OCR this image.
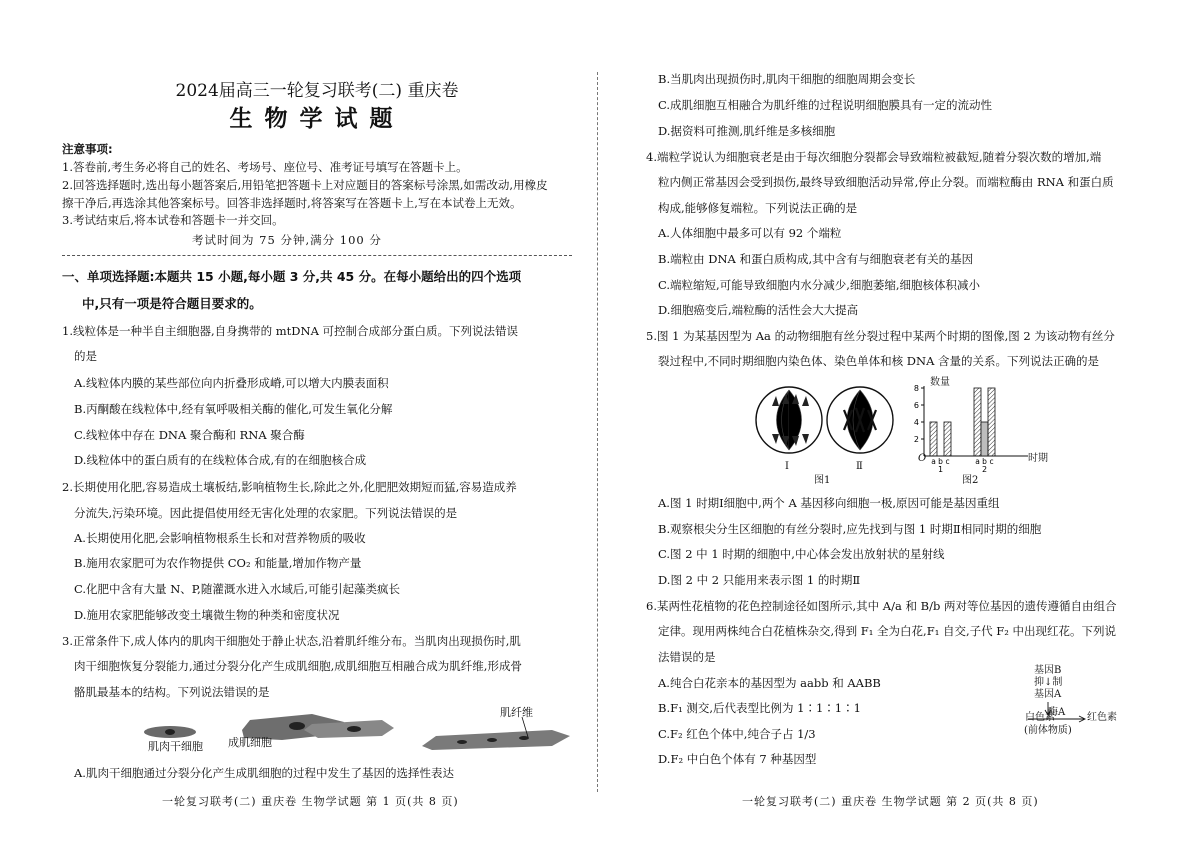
2024届高三一轮复习联考(二) 重庆卷
生物学试题
注意事项:
1.答卷前,考生务必将自己的姓名、考场号、座位号、准考证号填写在答题卡上。
2.回答选择题时,选出每小题答案后,用铅笔把答题卡上对应题目的答案标号涂黑,如需改动,用橡皮
擦干净后,再选涂其他答案标号。回答非选择题时,将答案写在答题卡上,写在本试卷上无效。
3.考试结束后,将本试卷和答题卡一并交回。
考试时间为 75 分钟,满分 100 分
一、单项选择题:本题共 15 小题,每小题 3 分,共 45 分。在每小题给出的四个选项
中,只有一项是符合题目要求的。
1.线粒体是一种半自主细胞器,自身携带的 mtDNA 可控制合成部分蛋白质。下列说法错误
的是
A.线粒体内膜的某些部位向内折叠形成嵴,可以增大内膜表面积
B.丙酮酸在线粒体中,经有氧呼吸相关酶的催化,可发生氧化分解
C.线粒体中存在 DNA 聚合酶和 RNA 聚合酶
D.线粒体中的蛋白质有的在线粒体合成,有的在细胞核合成
2.长期使用化肥,容易造成土壤板结,影响植物生长,除此之外,化肥肥效期短而猛,容易造成养
分流失,污染环境。因此提倡使用经无害化处理的农家肥。下列说法错误的是
A.长期使用化肥,会影响植物根系生长和对营养物质的吸收
B.施用农家肥可为农作物提供 CO₂ 和能量,增加作物产量
C.化肥中含有大量 N、P,随灌溉水进入水域后,可能引起藻类疯长
D.施用农家肥能够改变土壤微生物的种类和密度状况
3.正常条件下,成人体内的肌肉干细胞处于静止状态,沿着肌纤维分布。当肌肉出现损伤时,肌
肉干细胞恢复分裂能力,通过分裂分化产生成肌细胞,成肌细胞互相融合成为肌纤维,形成骨
骼肌最基本的结构。下列说法错误的是
肌肉干细胞 成肌细胞
肌纤维
A.肌肉干细胞通过分裂分化产生成肌细胞的过程中发生了基因的选择性表达
一轮复习联考(二) 重庆卷 生物学试题 第 1 页(共 8 页)
B.当肌肉出现损伤时,肌肉干细胞的细胞周期会变长
C.成肌细胞互相融合为肌纤维的过程说明细胞膜具有一定的流动性
D.据资料可推测,肌纤维是多核细胞
4.端粒学说认为细胞衰老是由于每次细胞分裂都会导致端粒被截短,随着分裂次数的增加,端
粒内侧正常基因会受到损伤,最终导致细胞活动异常,停止分裂。而端粒酶由 RNA 和蛋白质
构成,能够修复端粒。下列说法正确的是
A.人体细胞中最多可以有 92 个端粒
B.端粒由 DNA 和蛋白质构成,其中含有与细胞衰老有关的基因
C.端粒缩短,可能导致细胞内水分减少,细胞萎缩,细胞核体积减小
D.细胞癌变后,端粒酶的活性会大大提高
5.图 1 为某基因型为 Aa 的动物细胞有丝分裂过程中某两个时期的图像,图 2 为该动物有丝分
裂过程中,不同时期细胞内染色体、染色单体和核 DNA 含量的关系。下列说法正确的是
Ⅰ	Ⅱ
图1
2
4
6
8
a b c
1
a b c
2
数量
O	时期
图2
A.图 1 时期Ⅰ细胞中,两个 A 基因移向细胞一极,原因可能是基因重组
B.观察根尖分生区细胞的有丝分裂时,应先找到与图 1 时期Ⅱ相同时期的细胞
C.图 2 中 1 时期的细胞中,中心体会发出放射状的星射线
D.图 2 中 2 只能用来表示图 1 的时期Ⅱ
6.某两性花植物的花色控制途径如图所示,其中 A/a 和 B/b 两对等位基因的遗传遵循自由组合
定律。现用两株纯合白花植株杂交,得到 F₁ 全为白花,F₁ 自交,子代 F₂ 中出现红花。下列说
法错误的是
A.纯合白花亲本的基因型为 aabb 和 AABB
B.F₁ 测交,后代表型比例为 1∶1∶1∶1
C.F₂ 红色个体中,纯合子占 1/3
D.F₂ 中白色个体有 7 种基因型
基因B
抑↓制
基因A
白色素
酶A 红色素
(前体物质)
一轮复习联考(二) 重庆卷 生物学试题 第 2 页(共 8 页)
